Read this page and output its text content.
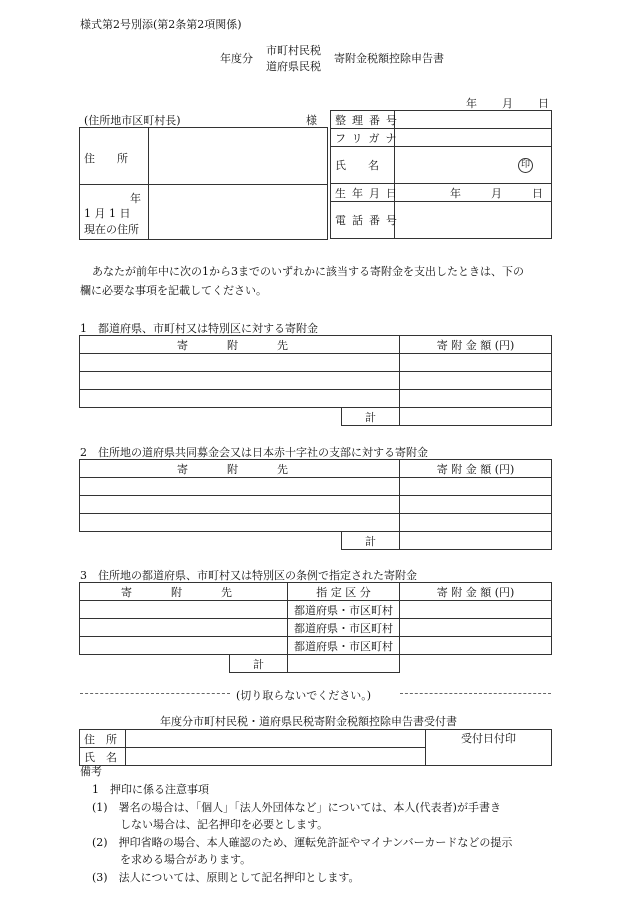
様式第2号別添(第2条第2項関係)
年度分
市町村民税
道府県民税
寄附金税額控除申告書
年 月 日
(住所地市区町村長)	様
住　　所
年
1 月 1 日
現在の住所
整理番号	
フリガナ	
氏　　名	印
生年月日	年 月 日
電話番号	
あなたが前年中に次の1から3までのいずれかに該当する寄附金を支出したときは、下の
欄に必要な事項を記載してください。
1　都道府県、市町村又は特別区に対する寄附金
寄　附　先		寄 附 金 額 (円)

	計	
2　住所地の道府県共同募金会又は日本赤十字社の支部に対する寄附金
寄　附　先		寄 附 金 額 (円)

	計	
3　住所地の都道府県、市町村又は特別区の条例で指定された寄附金
寄　附　先		指 定 区 分	寄 附 金 額 (円)
		都道府県・市区町村	
		都道府県・市区町村	
		都道府県・市区町村	
	計		
(切り取らないでください。)
年度分市町村民税・道府県民税寄附金税額控除申告書受付書
住　所		受付日付印
氏　名		
備考
1　押印に係る注意事項
(1)　署名の場合は、「個人」「法人外団体など」については、本人(代表者)が手書き
しない場合は、記名押印を必要とします。
(2)　押印省略の場合、本人確認のため、運転免許証やマイナンバーカードなどの提示
を求める場合があります。
(3)　法人については、原則として記名押印とします。
